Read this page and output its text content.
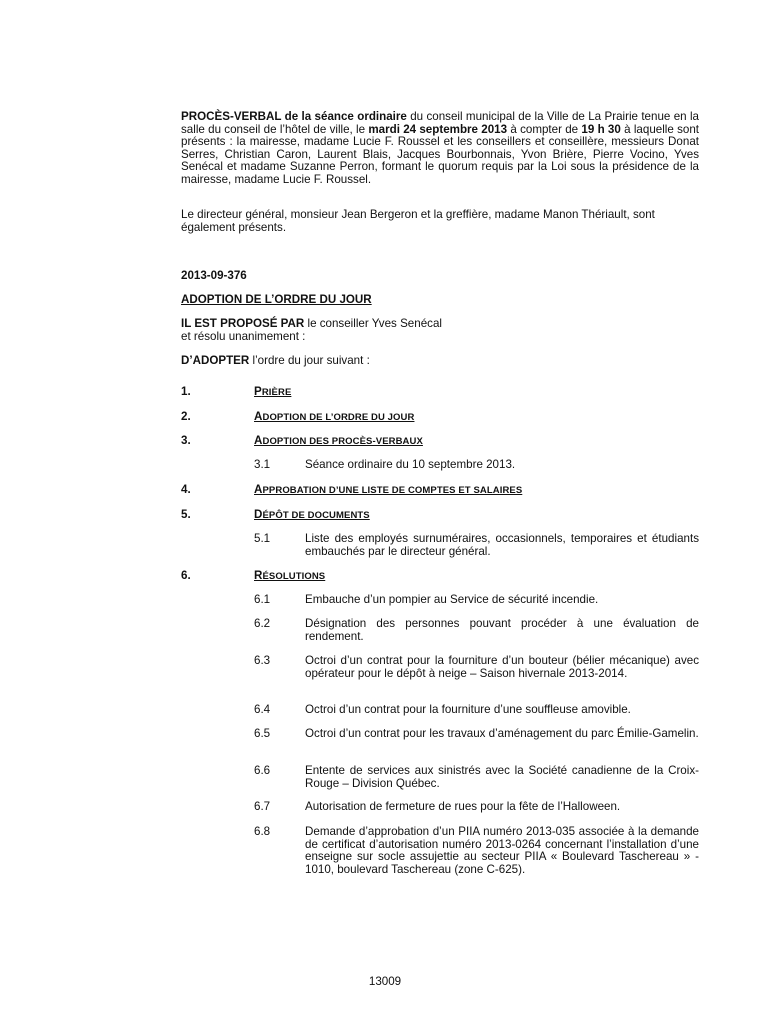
PROCÈS-VERBAL de la séance ordinaire du conseil municipal de la Ville de La Prairie tenue en la salle du conseil de l’hôtel de ville, le mardi 24 septembre 2013 à compter de 19 h 30 à laquelle sont présents : la mairesse, madame Lucie F. Roussel et les conseillers et conseillère, messieurs Donat Serres, Christian Caron, Laurent Blais, Jacques Bourbonnais, Yvon Brière, Pierre Vocino, Yves Senécal et madame Suzanne Perron, formant le quorum requis par la Loi sous la présidence de la mairesse, madame Lucie F. Roussel.
Le directeur général, monsieur Jean Bergeron et la greffière, madame Manon Thériault, sont également présents.
2013-09-376
ADOPTION DE L’ORDRE DU JOUR
IL EST PROPOSÉ PAR le conseiller Yves Senécal
et résolu unanimement :
D’ADOPTER l’ordre du jour suivant :
1.	PRIÈRE
2.	ADOPTION DE L’ORDRE DU JOUR
3.	ADOPTION DES PROCÈS-VERBAUX
3.1	Séance ordinaire du 10 septembre 2013.
4.	APPROBATION D’UNE LISTE DE COMPTES ET SALAIRES
5.	DÉPÔT DE DOCUMENTS
5.1	Liste des employés surnuméraires, occasionnels, temporaires et étudiants embauchés par le directeur général.
6.	RÉSOLUTIONS
6.1	Embauche d’un pompier au Service de sécurité incendie.
6.2	Désignation des personnes pouvant procéder à une évaluation de rendement.
6.3	Octroi d’un contrat pour la fourniture d’un bouteur (bélier mécanique) avec opérateur pour le dépôt à neige – Saison hivernale 2013-2014.
6.4	Octroi d’un contrat pour la fourniture d’une souffleuse amovible.
6.5	Octroi d’un contrat pour les travaux d’aménagement du parc Émilie-Gamelin.
6.6	Entente de services aux sinistrés avec la Société canadienne de la Croix-Rouge – Division Québec.
6.7	Autorisation de fermeture de rues pour la fête de l’Halloween.
6.8	Demande d’approbation d’un PIIA numéro 2013-035 associée à la demande de certificat d’autorisation numéro 2013-0264 concernant l’installation d’une enseigne sur socle assujettie au secteur PIIA « Boulevard Taschereau » - 1010, boulevard Taschereau (zone C-625).
13009
